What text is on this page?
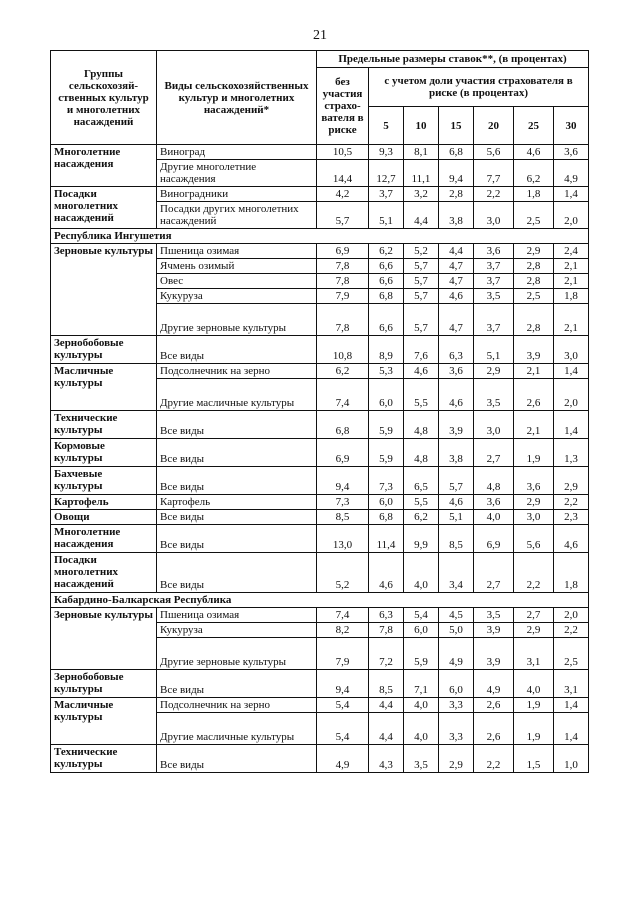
21
Группы сельскохозяй- ственных культур и многолетних насаждений	Виды сельскохозяйственных культур и многолетних насаждений*	Предельные размеры ставок**, (в процентах)						
		без участия страхо- вателя в риске	с учетом доли участия страхователя в риске (в процентах)					
			5	10	15	20	25	30
Многолетние насаждения	Виноград	10,5	9,3	8,1	6,8	5,6	4,6	3,6
	Другие многолетние насаждения	14,4	12,7	11,1	9,4	7,7	6,2	4,9
Посадки многолетних насаждений	Виноградники	4,2	3,7	3,2	2,8	2,2	1,8	1,4
	Посадки других многолетних насаждений	5,7	5,1	4,4	3,8	3,0	2,5	2,0
Республика Ингушетия								
Зерновые культуры	Пшеница озимая	6,9	6,2	5,2	4,4	3,6	2,9	2,4
	Ячмень озимый	7,8	6,6	5,7	4,7	3,7	2,8	2,1
	Овес	7,8	6,6	5,7	4,7	3,7	2,8	2,1
	Кукуруза	7,9	6,8	5,7	4,6	3,5	2,5	1,8
	Другие зерновые культуры	7,8	6,6	5,7	4,7	3,7	2,8	2,1
Зернобобовые культуры	Все виды	10,8	8,9	7,6	6,3	5,1	3,9	3,0
Масличные культуры	Подсолнечник на зерно	6,2	5,3	4,6	3,6	2,9	2,1	1,4
	Другие масличные культуры	7,4	6,0	5,5	4,6	3,5	2,6	2,0
Технические культуры	Все виды	6,8	5,9	4,8	3,9	3,0	2,1	1,4
Кормовые культуры	Все виды	6,9	5,9	4,8	3,8	2,7	1,9	1,3
Бахчевые культуры	Все виды	9,4	7,3	6,5	5,7	4,8	3,6	2,9
Картофель	Картофель	7,3	6,0	5,5	4,6	3,6	2,9	2,2
Овощи	Все виды	8,5	6,8	6,2	5,1	4,0	3,0	2,3
Многолетние насаждения	Все виды	13,0	11,4	9,9	8,5	6,9	5,6	4,6
Посадки многолетних насаждений	Все виды	5,2	4,6	4,0	3,4	2,7	2,2	1,8
Кабардино-Балкарская Республика								
Зерновые культуры	Пшеница озимая	7,4	6,3	5,4	4,5	3,5	2,7	2,0
	Кукуруза	8,2	7,8	6,0	5,0	3,9	2,9	2,2
	Другие зерновые культуры	7,9	7,2	5,9	4,9	3,9	3,1	2,5
Зернобобовые культуры	Все виды	9,4	8,5	7,1	6,0	4,9	4,0	3,1
Масличные культуры	Подсолнечник на зерно	5,4	4,4	4,0	3,3	2,6	1,9	1,4
	Другие масличные культуры	5,4	4,4	4,0	3,3	2,6	1,9	1,4
Технические культуры	Все виды	4,9	4,3	3,5	2,9	2,2	1,5	1,0
